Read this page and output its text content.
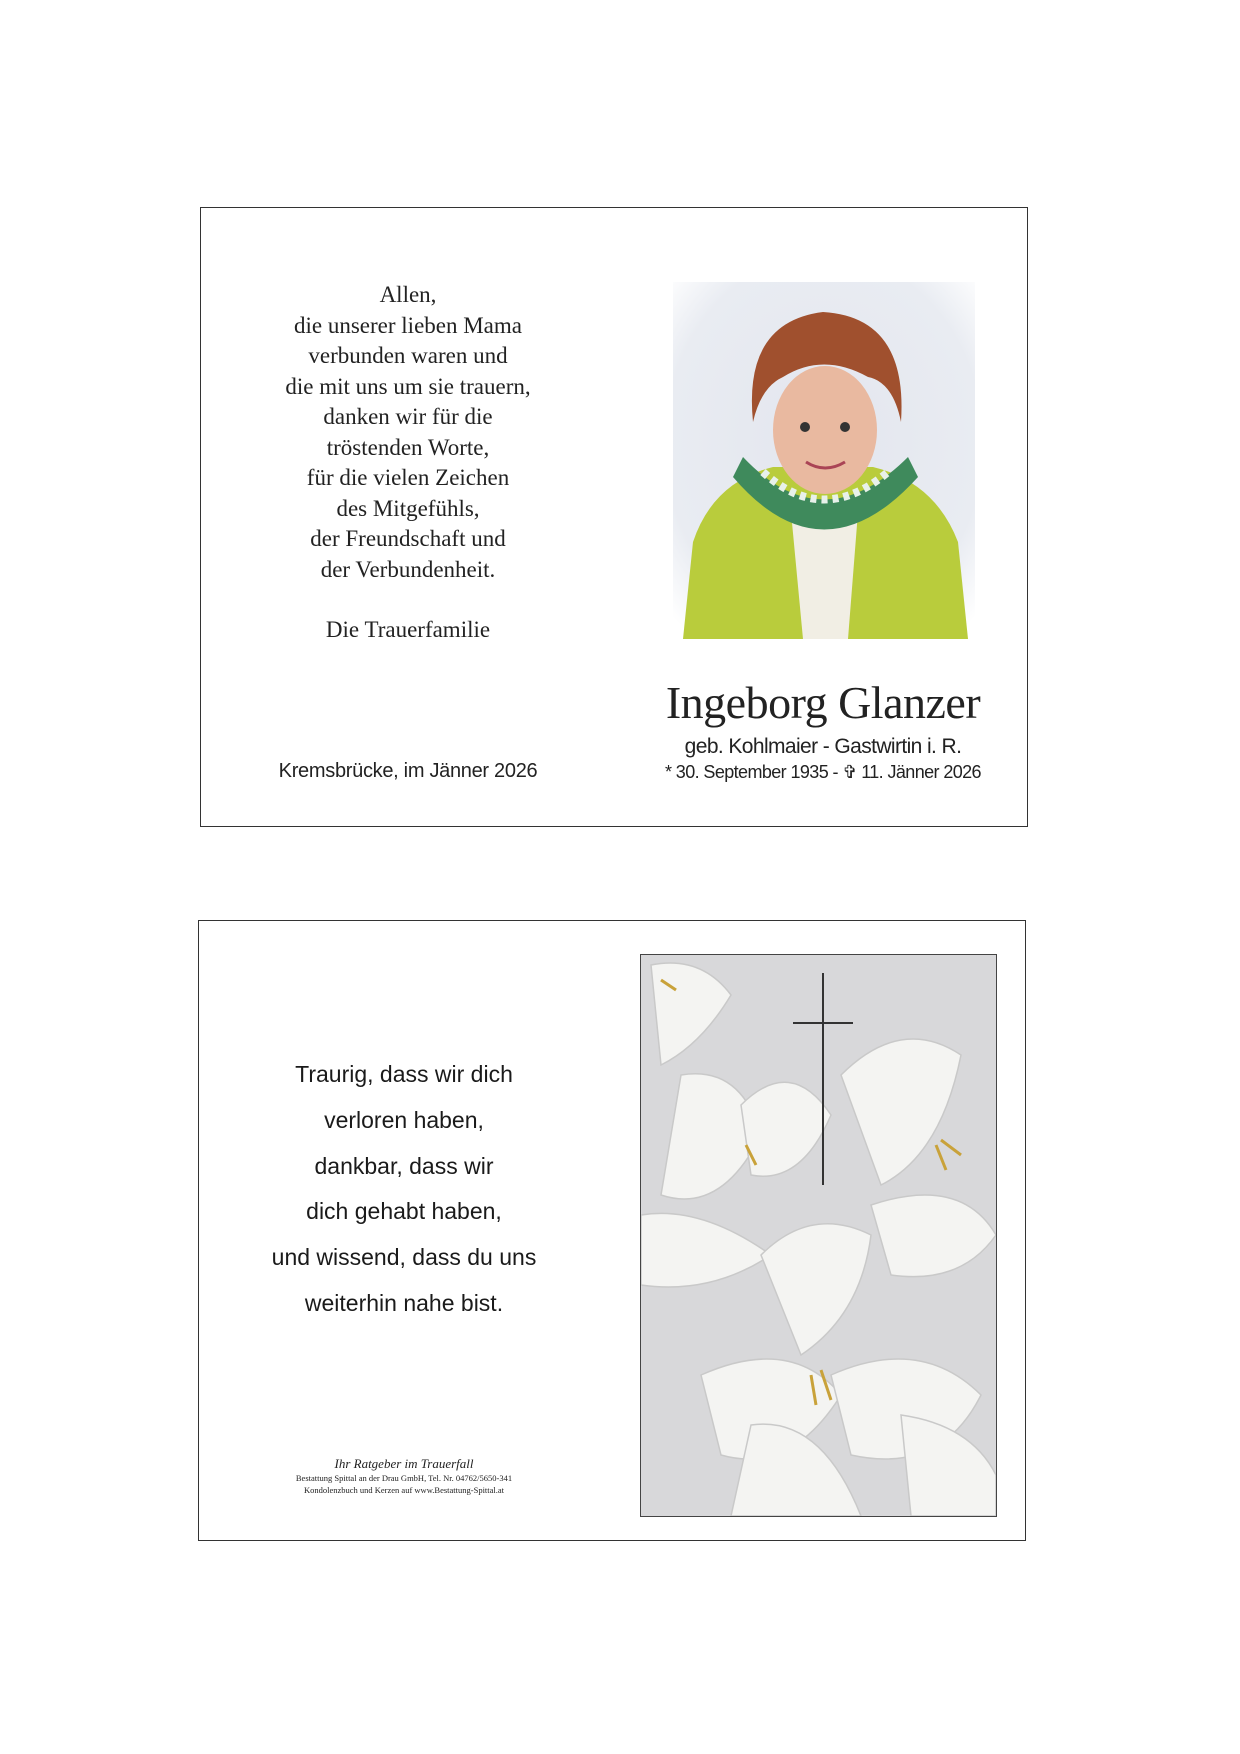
Allen,
die unserer lieben Mama
verbunden waren und
die mit uns um sie trauern,
danken wir für die
tröstenden Worte,
für die vielen Zeichen
des Mitgefühls,
der Freundschaft und
der Verbundenheit.
Die Trauerfamilie
Kremsbrücke, im Jänner 2026
Ingeborg Glanzer
geb. Kohlmaier - Gastwirtin i. R.
* 30. September 1935 - ✞ 11. Jänner 2026
Traurig, dass wir dich
verloren haben,
dankbar, dass wir
dich gehabt haben,
und wissend, dass du uns
weiterhin nahe bist.
Ihr Ratgeber im Trauerfall
Bestattung Spittal an der Drau GmbH, Tel. Nr. 04762/5650-341
Kondolenzbuch und Kerzen auf www.Bestattung-Spittal.at
